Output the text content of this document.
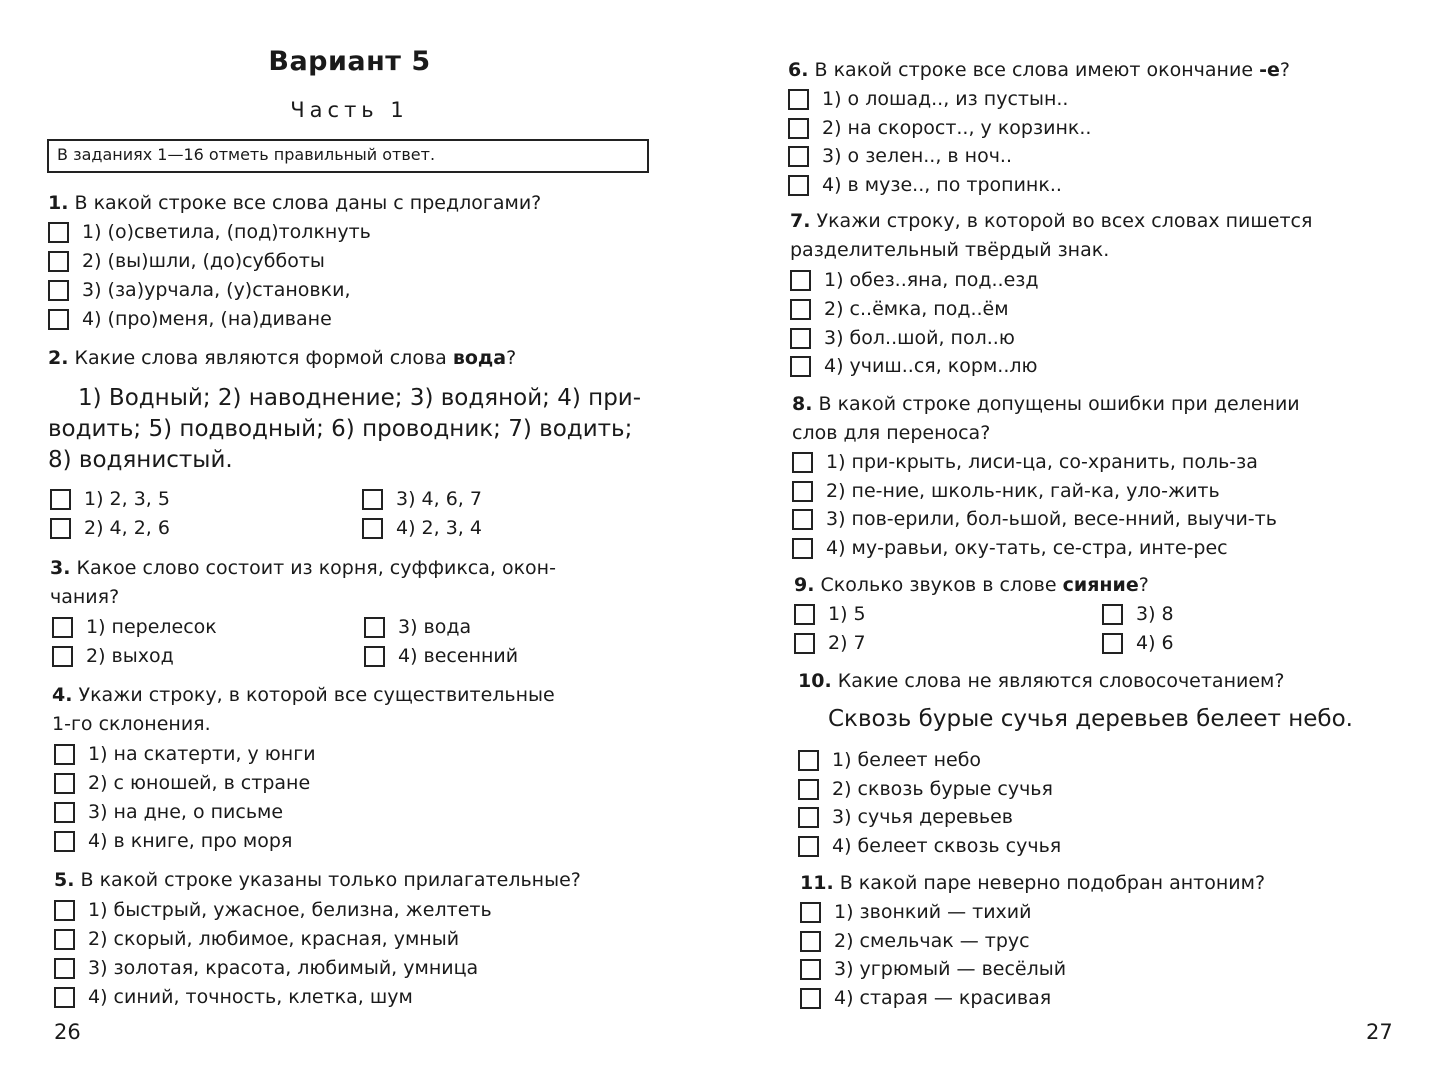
Вариант 5
Часть 1
В заданиях 1—16 отметь правильный ответ.
1. В какой строке все слова даны с предлогами?
1) (о)светила, (под)толкнуть
2) (вы)шли, (до)субботы
3) (за)урчала, (у)становки,
4) (про)меня, (на)диване
2. Какие слова являются формой слова вода?
1) Водный; 2) наводнение; 3) водяной; 4) при-
водить; 5) подводный; 6) проводник; 7) водить;
8) водянистый.
1) 2, 3, 5	3) 4, 6, 7
2) 4, 2, 6	4) 2, 3, 4
3. Какое слово состоит из корня, суффикса, окон-
чания?
1) перелесок	3) вода
2) выход	4) весенний
4. Укажи строку, в которой все существительные
1-го склонения.
1) на скатерти, у юнги
2) с юношей, в стране
3) на дне, о письме
4) в книге, про моря
5. В какой строке указаны только прилагательные?
1) быстрый, ужасное, белизна, желтеть
2) скорый, любимое, красная, умный
3) золотая, красота, любимый, умница
4) синий, точность, клетка, шум
26
6. В какой строке все слова имеют окончание -е?
1) о лошад.., из пустын..
2) на скорост.., у корзинк..
3) о зелен.., в ноч..
4) в музе.., по тропинк..
7. Укажи строку, в которой во всех словах пишется
разделительный твёрдый знак.
1) обез..яна, под..езд
2) с..ёмка, под..ём
3) бол..шой, пол..ю
4) учиш..ся, корм..лю
8. В какой строке допущены ошибки при делении
слов для переноса?
1) при-крыть, лиси-ца, со-хранить, поль-за
2) пе-ние, школь-ник, гай-ка, уло-жить
3) пов-ерили, бол-ьшой, весе-нний, выучи-ть
4) му-равьи, оку-тать, се-стра, инте-рес
9. Сколько звуков в слове сияние?
1) 5	3) 8
2) 7	4) 6
10. Какие слова не являются словосочетанием?
Сквозь бурые сучья деревьев белеет небо.
1) белеет небо
2) сквозь бурые сучья
3) сучья деревьев
4) белеет сквозь сучья
11. В какой паре неверно подобран антоним?
1) звонкий — тихий
2) смельчак — трус
3) угрюмый — весёлый
4) старая — красивая
27
